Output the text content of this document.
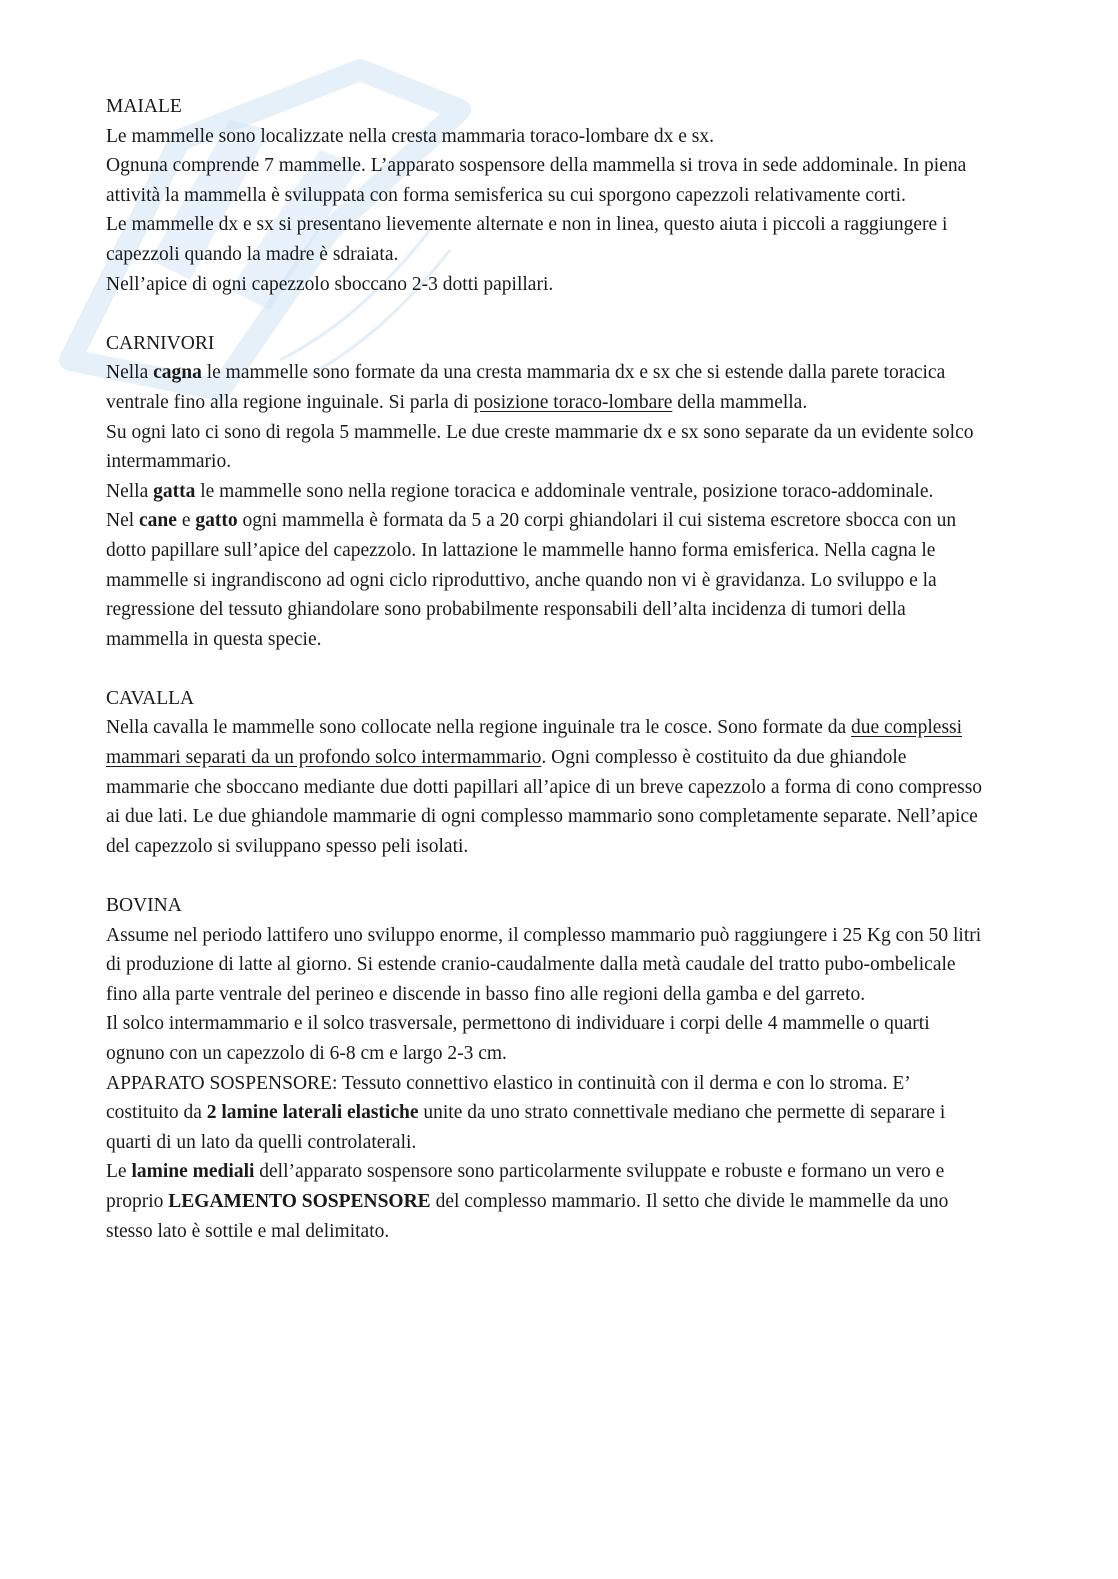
MAIALE

Le mammelle sono localizzate nella cresta mammaria toraco-lombare dx e sx.

Ognuna comprende 7 mammelle. L’apparato sospensore della mammella si trova in sede addominale. In piena attività la mammella è sviluppata con forma semisferica su cui sporgono capezzoli relativamente corti.

Le mammelle dx e sx si presentano lievemente alternate e non in linea, questo aiuta i piccoli a raggiungere i capezzoli quando la madre è sdraiata.

Nell’apice di ogni capezzolo sboccano 2-3 dotti papillari.

CARNIVORI

Nella cagna le mammelle sono formate da una cresta mammaria dx e sx che si estende dalla parete toracica ventrale fino alla regione inguinale. Si parla di posizione toraco-lombare della mammella.

Su ogni lato ci sono di regola 5 mammelle. Le due creste mammarie dx e sx sono separate da un evidente solco intermammario.

Nella gatta le mammelle sono nella regione toracica e addominale ventrale, posizione toraco-addominale.

Nel cane e gatto ogni mammella è formata da 5 a 20 corpi ghiandolari il cui sistema escretore sbocca con un dotto papillare sull’apice del capezzolo. In lattazione le mammelle hanno forma emisferica. Nella cagna le mammelle si ingrandiscono ad ogni ciclo riproduttivo, anche quando non vi è gravidanza. Lo sviluppo e la regressione del tessuto ghiandolare sono probabilmente responsabili dell’alta incidenza di tumori della mammella in questa specie.

CAVALLA

Nella cavalla le mammelle sono collocate nella regione inguinale tra le cosce. Sono formate da due complessi mammari separati da un profondo solco intermammario. Ogni complesso è costituito da due ghiandole mammarie che sboccano mediante due dotti papillari all’apice di un breve capezzolo a forma di cono compresso ai due lati. Le due ghiandole mammarie di ogni complesso mammario sono completamente separate. Nell’apice del capezzolo si sviluppano spesso peli isolati.

BOVINA

Assume nel periodo lattifero uno sviluppo enorme, il complesso mammario può raggiungere i 25 Kg con 50 litri di produzione di latte al giorno. Si estende cranio-caudalmente dalla metà caudale del tratto pubo-ombelicale fino alla parte ventrale del perineo e discende in basso fino alle regioni della gamba e del garreto.

Il solco intermammario e il solco trasversale, permettono di individuare i corpi delle 4 mammelle o quarti ognuno con un capezzolo di 6-8 cm e largo 2-3 cm.

APPARATO SOSPENSORE: Tessuto connettivo elastico in continuità con il derma e con lo stroma. E’ costituito da 2 lamine laterali elastiche unite da uno strato connettivale mediano che permette di separare i quarti di un lato da quelli controlaterali.

Le lamine mediali dell’apparato sospensore sono particolarmente sviluppate e robuste e formano un vero e proprio LEGAMENTO SOSPENSORE del complesso mammario. Il setto che divide le mammelle da uno stesso lato è sottile e mal delimitato.
